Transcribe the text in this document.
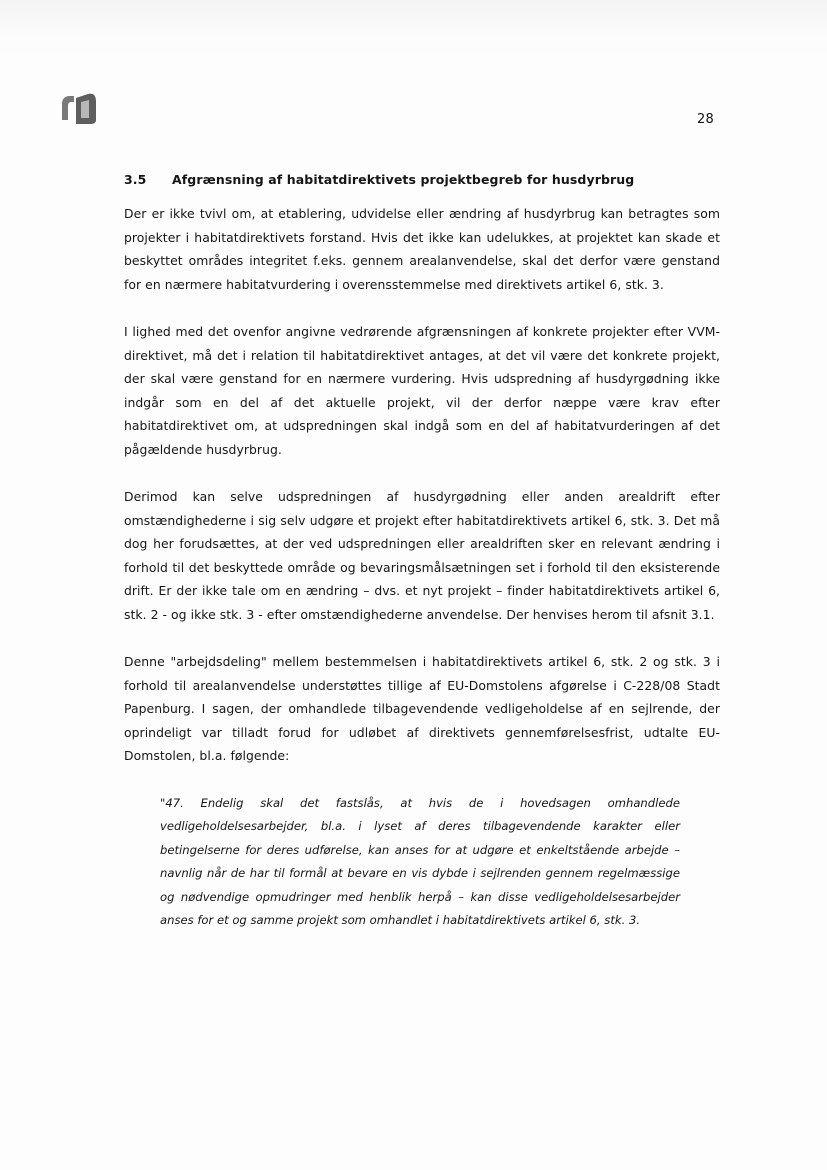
28
3.5 Afgrænsning af habitatdirektivets projektbegreb for husdyrbrug

Der er ikke tvivl om, at etablering, udvidelse eller ændring af husdyrbrug kan betragtes som projekter i habitatdirektivets forstand. Hvis det ikke kan udelukkes, at projektet kan skade et beskyttet områdes integritet f.eks. gennem arealanvendelse, skal det derfor være genstand for en nærmere habitatvurdering i overensstemmelse med direktivets artikel 6, stk. 3.

I lighed med det ovenfor angivne vedrørende afgrænsningen af konkrete projekter efter VVM-direktivet, må det i relation til habitatdirektivet antages, at det vil være det konkrete projekt, der skal være genstand for en nærmere vurdering. Hvis udspredning af husdyrgødning ikke indgår som en del af det aktuelle projekt, vil der derfor næppe være krav efter habitatdirektivet om, at udspredningen skal indgå som en del af habitatvurderingen af det pågældende husdyrbrug.

Derimod kan selve udspredningen af husdyrgødning eller anden arealdrift efter omstændighederne i sig selv udgøre et projekt efter habitatdirektivets artikel 6, stk. 3. Det må dog her forudsættes, at der ved udspredningen eller arealdriften sker en relevant ændring i forhold til det beskyttede område og bevaringsmålsætningen set i forhold til den eksisterende drift. Er der ikke tale om en ændring – dvs. et nyt projekt – finder habitatdirektivets artikel 6, stk. 2 - og ikke stk. 3 - efter omstændighederne anvendelse. Der henvises herom til afsnit 3.1.

Denne "arbejdsdeling" mellem bestemmelsen i habitatdirektivets artikel 6, stk. 2 og stk. 3 i forhold til arealanvendelse understøttes tillige af EU-Domstolens afgørelse i C-228/08 Stadt Papenburg. I sagen, der omhandlede tilbagevendende vedligeholdelse af en sejlrende, der oprindeligt var tilladt forud for udløbet af direktivets gennemførelsesfrist, udtalte EU-Domstolen, bl.a. følgende:

"47. Endelig skal det fastslås, at hvis de i hovedsagen omhandlede vedligeholdelsesarbejder, bl.a. i lyset af deres tilbagevendende karakter eller betingelserne for deres udførelse, kan anses for at udgøre et enkeltstående arbejde – navnlig når de har til formål at bevare en vis dybde i sejlrenden gennem regelmæssige og nødvendige opmudringer med henblik herpå – kan disse vedligeholdelsesarbejder anses for et og samme projekt som omhandlet i habitatdirektivets artikel 6, stk. 3.
